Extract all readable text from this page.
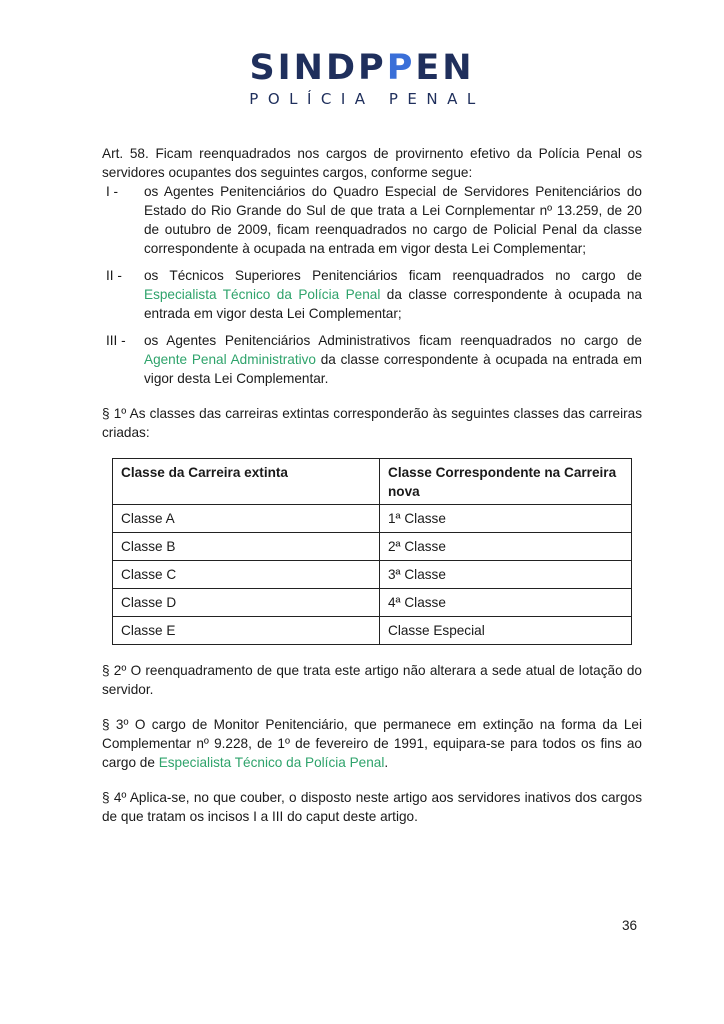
SINDPPEN
POLÍCIA PENAL

Art. 58. Ficam reenquadrados nos cargos de provirnento efetivo da Polícia Penal os servidores ocupantes dos seguintes cargos, conforme segue:

I -	os Agentes Penitenciários do Quadro Especial de Servidores Penitenciários do Estado do Rio Grande do Sul de que trata a Lei Cornplementar nº 13.259, de 20 de outubro de 2009, ficam reenquadrados no cargo de Policial Penal da classe correspondente à ocupada na entrada em vigor desta Lei Complementar;
II -	os Técnicos Superiores Penitenciários ficam reenquadrados no cargo de Especialista Técnico da Polícia Penal da classe correspondente à ocupada na entrada em vigor desta Lei Complementar;
III -	os Agentes Penitenciários Administrativos ficam reenquadrados no cargo de Agente Penal Administrativo da classe correspondente à ocupada na entrada em vigor desta Lei Complementar.

§ 1º As classes das carreiras extintas corresponderão às seguintes classes das carreiras criadas:

Classe da Carreira extinta	Classe Correspondente na Carreira nova
Classe A	1ª Classe
Classe B	2ª Classe
Classe C	3ª Classe
Classe D	4ª Classe
Classe E	Classe Especial

§ 2º O reenquadramento de que trata este artigo não alterara a sede atual de lotação do servidor.

§ 3º O cargo de Monitor Penitenciário, que permanece em extinção na forma da Lei Complementar nº 9.228, de 1º de fevereiro de 1991, equipara-se para todos os fins ao cargo de Especialista Técnico da Polícia Penal.

§ 4º Aplica-se, no que couber, o disposto neste artigo aos servidores inativos dos cargos de que tratam os incisos I a III do caput deste artigo.

36
